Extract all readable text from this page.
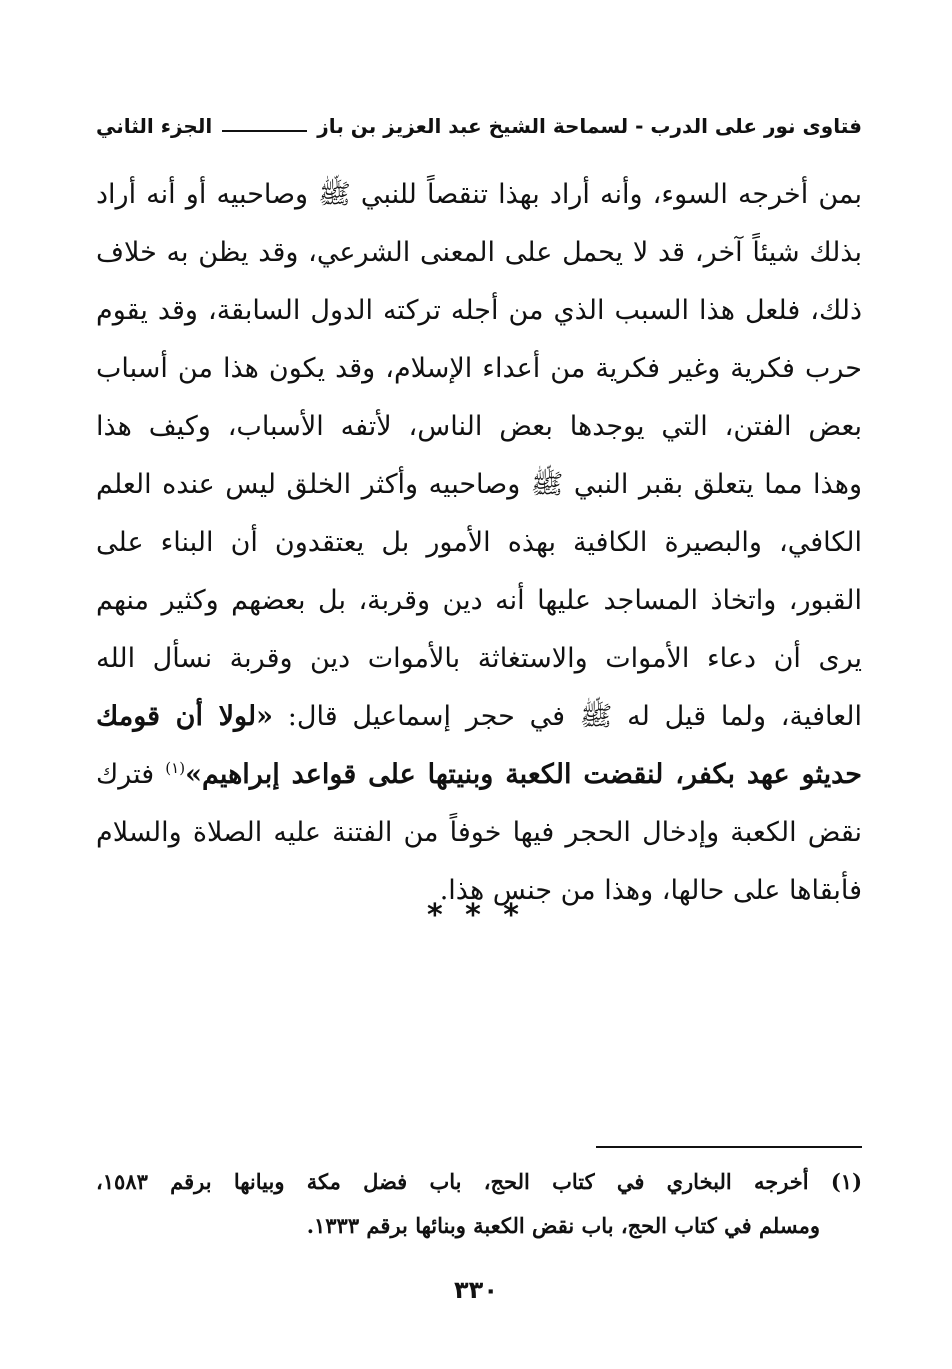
فتاوى نور على الدرب - لسماحة الشيخ عبد العزيز بن باز
الجزء الثاني
بمن أخرجه السوء، وأنه أراد بهذا تنقصاً للنبي ﷺ وصاحبيه أو أنه أراد
بذلك شيئاً آخر، قد لا يحمل على المعنى الشرعي، وقد يظن به خلاف
ذلك، فلعل هذا السبب الذي من أجله تركته الدول السابقة، وقد يقوم
حرب فكرية وغير فكرية من أعداء الإسلام، وقد يكون هذا من أسباب
بعض الفتن، التي يوجدها بعض الناس، لأتفه الأسباب، وكيف هذا
وهذا مما يتعلق بقبر النبي ﷺ وصاحبيه وأكثر الخلق ليس عنده العلم
الكافي، والبصيرة الكافية بهذه الأمور بل يعتقدون أن البناء على
القبور، واتخاذ المساجد عليها أنه دين وقربة، بل بعضهم وكثير منهم
يرى أن دعاء الأموات والاستغاثة بالأموات دين وقربة نسأل الله
العافية، ولما قيل له ﷺ في حجر إسماعيل قال: «لولا أن قومك
حديثو عهد بكفر، لنقضت الكعبة وبنيتها على قواعد إبراهيم»$^{(١)}$ فترك
نقض الكعبة وإدخال الحجر فيها خوفاً من الفتنة عليه الصلاة والسلام
فأبقاها على حالها، وهذا من جنس هذا.
* * *
(١) أخرجه البخاري في كتاب الحج، باب فضل مكة وبيانها برقم ١٥٨٣،
ومسلم في كتاب الحج، باب نقض الكعبة وبنائها برقم ١٣٣٣.
٣٣٠
